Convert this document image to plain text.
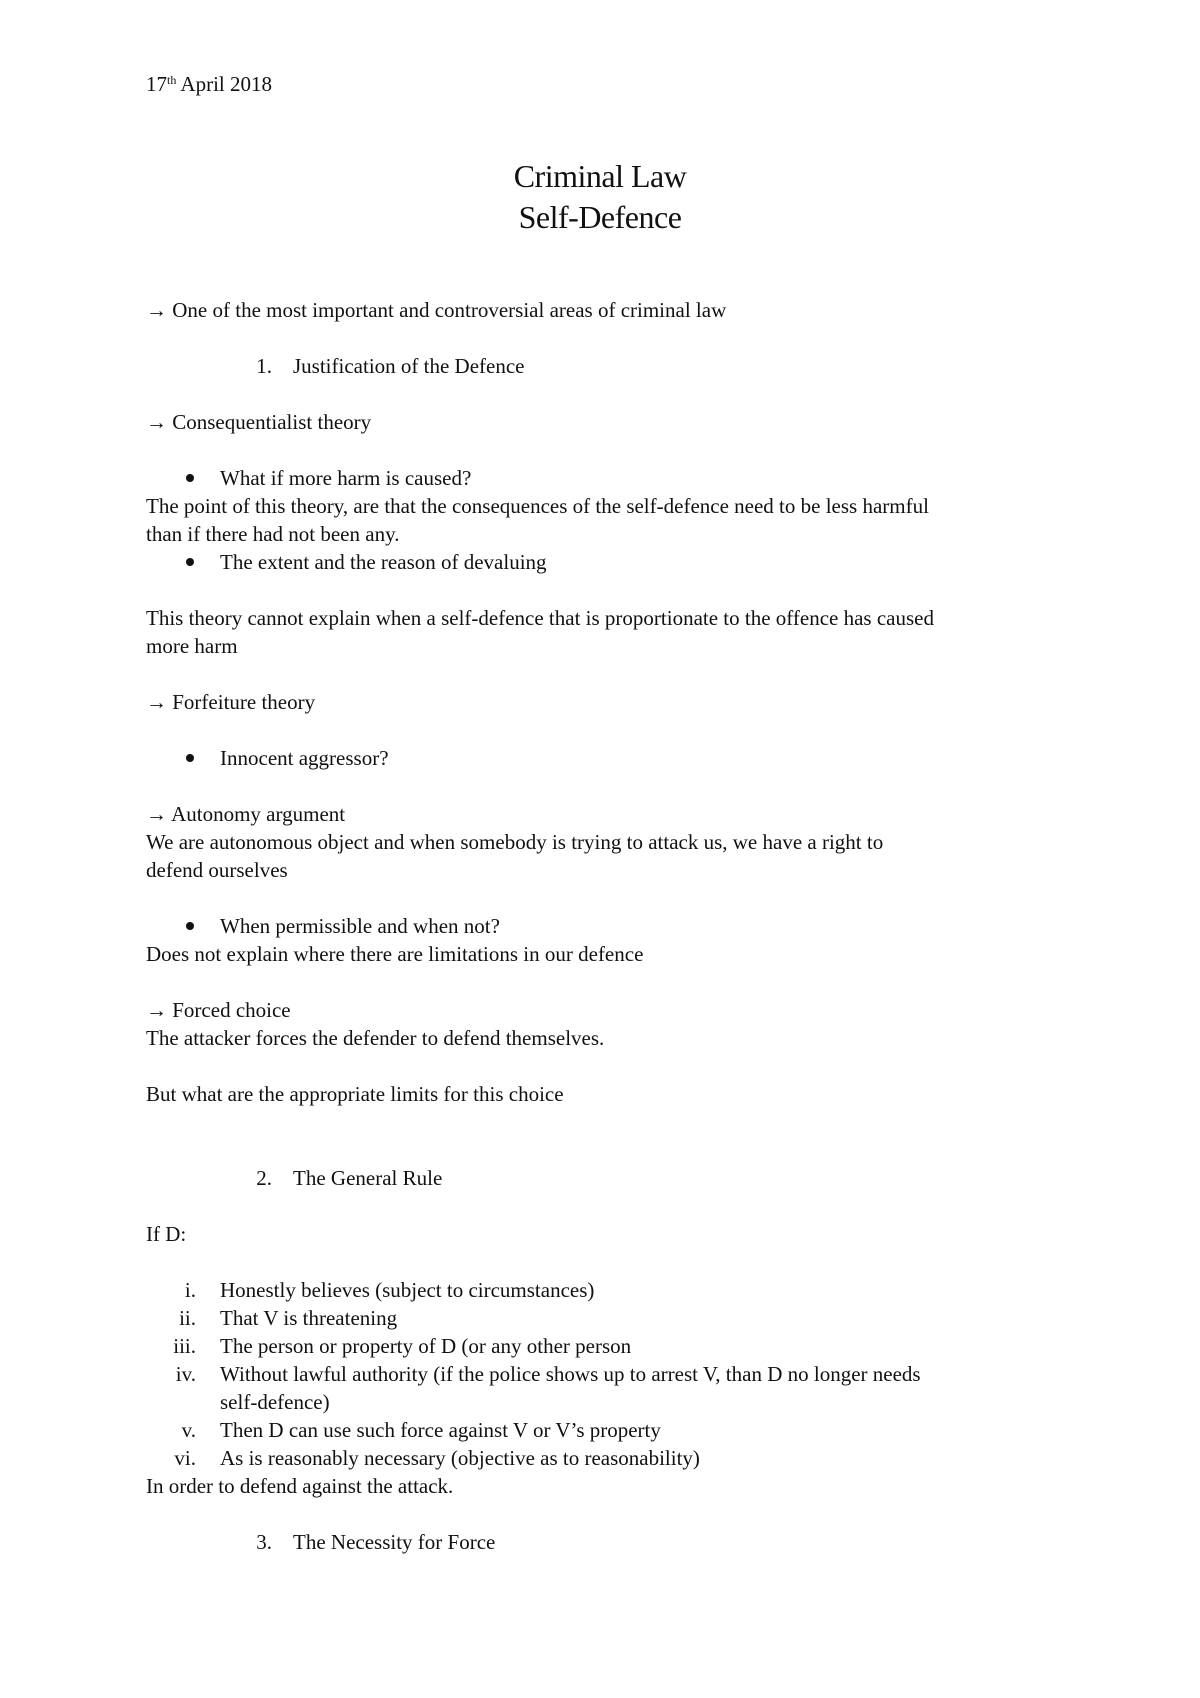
17th April 2018
Criminal Law
Self-Defence
→ One of the most important and controversial areas of criminal law
1. Justification of the Defence
→ Consequentialist theory
What if more harm is caused?
The point of this theory, are that the consequences of the self-defence need to be less harmful
than if there had not been any.
The extent and the reason of devaluing
This theory cannot explain when a self-defence that is proportionate to the offence has caused
more harm
→ Forfeiture theory
Innocent aggressor?
→ Autonomy argument
We are autonomous object and when somebody is trying to attack us, we have a right to
defend ourselves
When permissible and when not?
Does not explain where there are limitations in our defence
→ Forced choice
The attacker forces the defender to defend themselves.
But what are the appropriate limits for this choice
2. The General Rule
If D:
i. Honestly believes (subject to circumstances)
ii. That V is threatening
iii. The person or property of D (or any other person
iv. Without lawful authority (if the police shows up to arrest V, than D no longer needs
self-defence)
v. Then D can use such force against V or V’s property
vi. As is reasonably necessary (objective as to reasonability)
In order to defend against the attack.
3. The Necessity for Force
